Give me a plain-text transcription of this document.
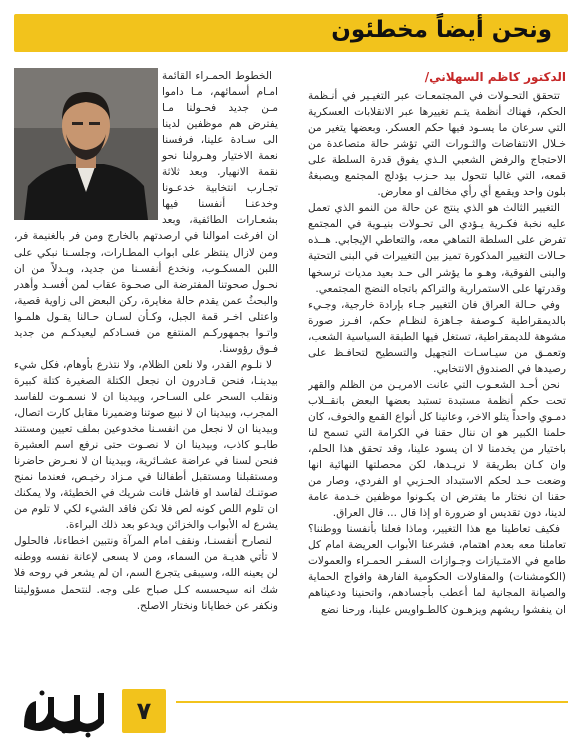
ونحن أيضاً مخطئون
الدكتور كاظم السهلاني/

تتحقق التحـولات في المجتمعـات عبر التغيـير في أنـظمة الحكم، فهناك أنظمة يتـم تغييرها عبر الانقلابات العسكرية التي سرعان ما يسـود فيها حكم العسكر. وبعضها يتغير من خـلال الانتفاضات والثـورات التي تؤشر حالة متصاعدة من الاحتجاج والرفض الشعبي الـذي يفوق قدرة السلطة على قمعه، التي غالبا تتحول بيد حـزب يؤدلج المجتمع ويصبغهُ بلون واحد ويقمع أي رأي مخالف او معارض.

التغيير الثالث هو الذي ينتج عن حالة من النمو الذي تعمل عليه نخبة فكـرية يـؤدي الى تحـولات بنيـوية في المجتمع تفرض على السلطة التماهي معه، والتعاطي الإيجابي. هــذه حـالات التغيير المذكورة تميز بين التغييرات في البنى التحتية والبنى الفوقية، وهـو ما يؤشر الى حـد بعيد مديات ترسخها وقدرتها على الاستمرارية والتراكم باتجاه النضج المجتمعي.

وفي حـالة العراق فان التغيير جـاء بإرادة خارجية، وجـيء بالديمقراطية كـوصفة جـاهزة لنظـام حكم، افـرز صورة مشوهة للديمقراطية، تستغل فيها الطبقة السياسية الشعب، وتعمـق من سيـاسـات التجهيل والتسطيح لتحافـظ على رصيدها في الصندوق الانتخابي.

نحن أحـد الشعـوب التي عانت الامريـن من الظلم والقهر تحت حكم أنظمة مستبدة تستبد بعضها البعض بانقــلاب دمـوي واحداً يتلو الاخر، وعانينا كل أنواع القمع والخوف، كان حلمنا الكبير هو ان ننال حقنا في الكرامة التي تسمح لنا باختيار من يخدمنا لا ان يسود علينا، وقد تحقق هذا الحلم، وان كـان بطريقة لا نريـدها، لكن محصلتها النهائية انها وضعت حـد لحكم الاستبداد الحـزبي او الفردي، وصار من حقنا ان نختار ما يفترض ان يكـونوا موظفين خـدمة عامة لدينا، دون تقديس او ضرورة او إذا قال ... قال العراق.

فكيف تعاطينا مع هذا التغيير، وماذا فعلنا بأنفسنا ووطننا؟ تعاملنا معه بعدم اهتمام، فشرعنا الأبواب العريضة امام كل طامع في الامتـيازات وجـوازات السفـر الحمـراء والعمولات (الكومشنات) والمقاولات الحكومية الفارهة وافواج الحماية والصيانة المجانية لما أعطب بأجسادهم، واتحنينا ودعيناهم ان ينفشوا ريشهم ويزهـون كالطـواويس علينا، ورحنا نضع

الخطوط الحمـراء القائمة امـام أسمائهم، مـا داموا مـن جديد فحـولنا مـا يفترض هم موظفين لدينا الى سـادة علينا، فرفسنا نعمة الاختيار وهـرولنا نحو نقمة الانهيار. وبعد ثلاثة تجـارب انتخابية خدعـونا وخدعنـا أنفسنا فيها بشعـارات الطائفية، وبعد ان افرغت اموالنا في ارصدتهم بالخارج ومن فر بالغنيمة فر، ومن لازال ينتظر على ابواب المطـارات، وجلسـنا نبكي على اللبن المسكـوب، ونخدع أنفسـنا من جديد، وبـدلاً من ان نحـول صحوتنا المفترضة الى صحـوة عقاب لمن أفسـد وأهدر والبحثُ عمن يقدم حالة مغايرة، ركن البعض الى زاوية قصية، واعتلى اخـر قمة الجبل، وكـأن لسـان حـالنا يقـول هلمـوا واتـوا بجمهوركـم المنتفع من فسـادكم ليعيدكـم من جديد فـوق رؤوسنا.

لا نلـوم القدر، ولا نلعن الظلام، ولا نتذرع بأوهام، فكل شيء بيدينـا، فنحن قـادرون ان نجعل الكتلة الصغيرة كتلة كبيرة ونقلب السحر على السـاحر، وبيدينا ان لا نسمـوت للفاسد المجرب، وبيدينا ان لا نبيع صوتنا وضميرنا مقابل كارت اتصال، وبيدينا ان لا نجعل من انفسـنا مخدوعين بملف تعيين ومستند طابـو كاذب، وبيدينا ان لا نصـوت حتى نرفع اسم العشيرة فنحن لسنا في عراضة عشـائرية، وبيدينا ان لا نعـرض حاضرنا ومستقبلنا ومستقبل أطفالنا في مـزاد رخيـص، فعندما نمنح صوتنـك لفاسد او فاشل فانت شريك في الخطيئة، ولا يمكنك ان تلوم اللص كونه لص فلا تكن فاقد الشيء لكي لا تلوم من يشرع له الأبواب والخزائن ويدعو بعد ذلك البراءة.

لنصارح أنفسنـا، ونقف امام المرآة ونتبين اخطاءنا، فالحلول لا تأتي هديـة من السماء، ومن لا يسعى لإعانة نفسه ووطنه لن يعينه الله، وسيبقى يتجرع السم، ان لم يشعر في روحه فلا شك انه سيحسسه كـل صباح على وجه. لنتحمل مسؤوليتنا ونكفر عن خطايانا ونختار الاصلح.

٧
